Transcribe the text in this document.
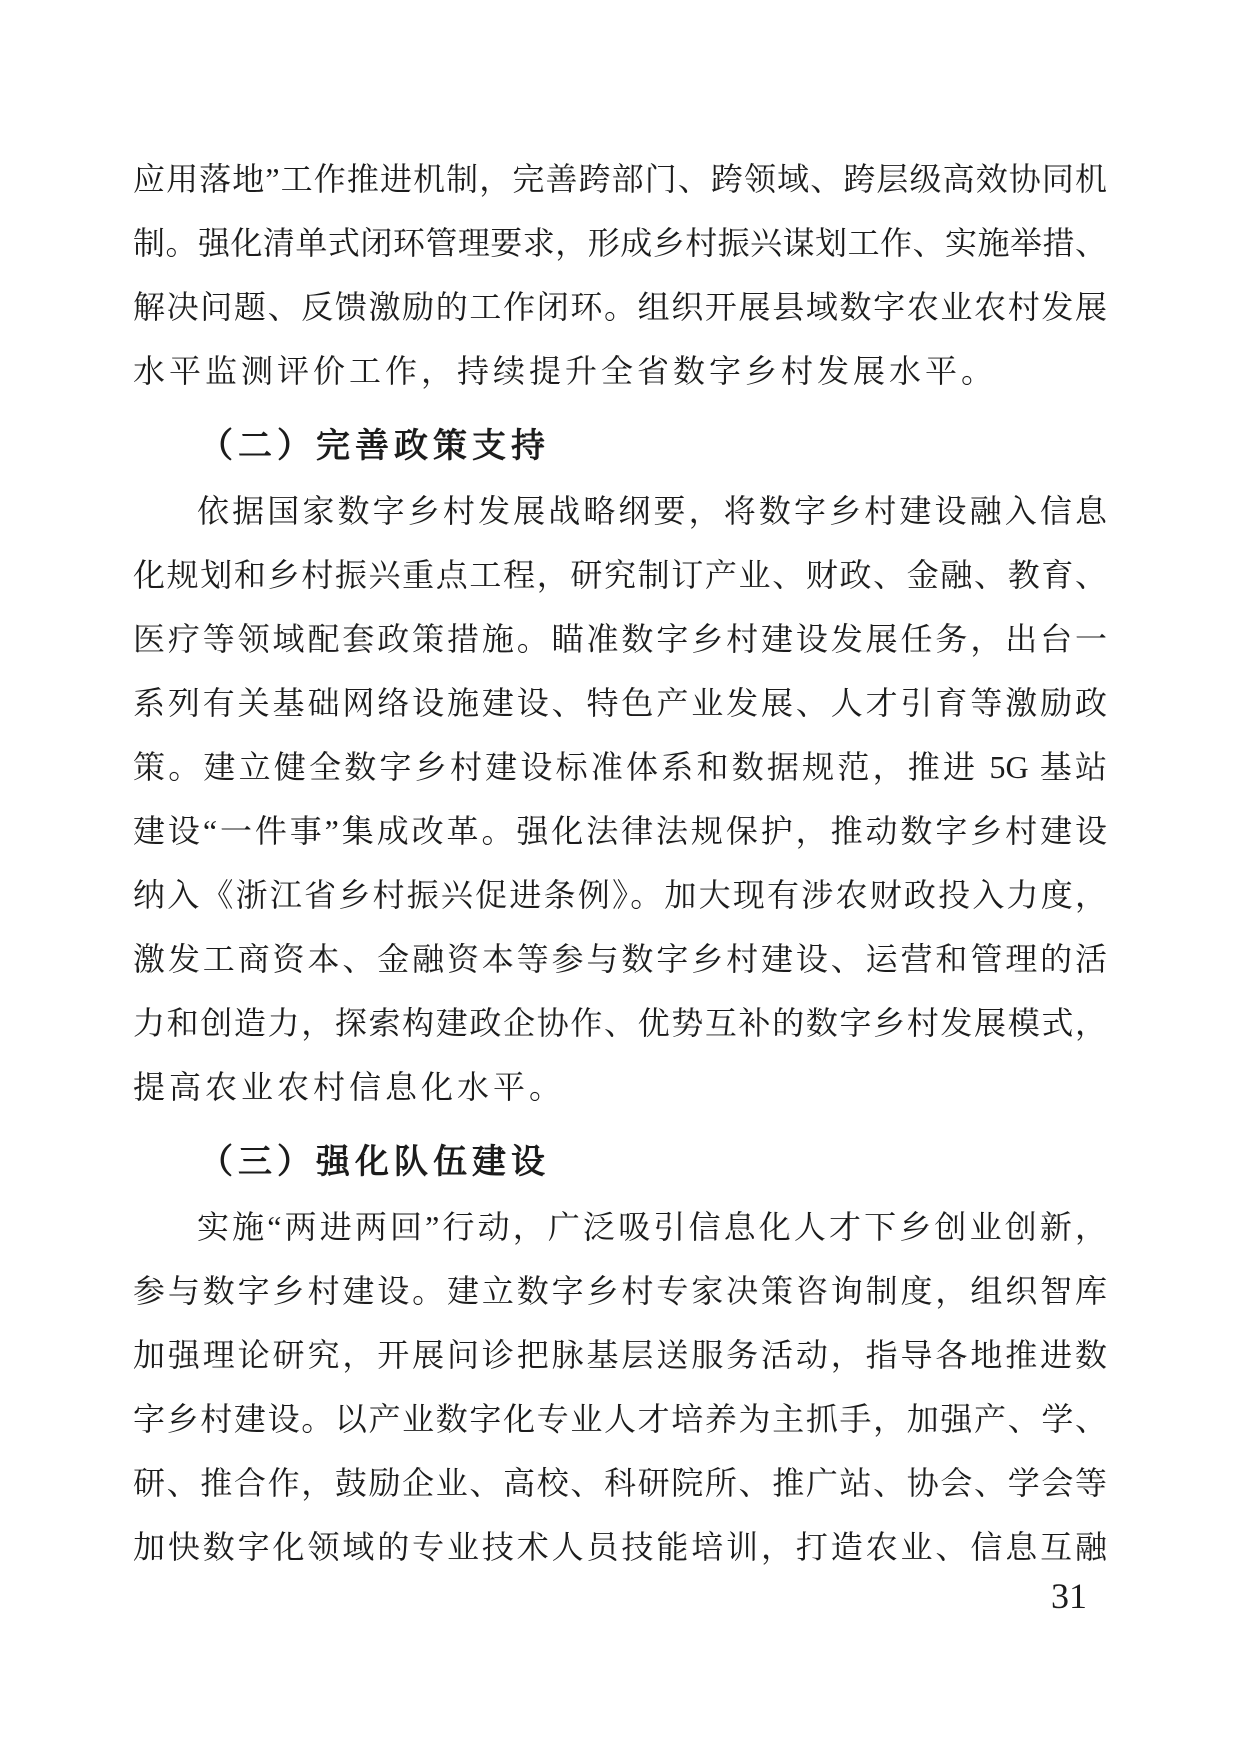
应用落地”工作推进机制，完善跨部门、跨领域、跨层级高效协同机
制。强化清单式闭环管理要求，形成乡村振兴谋划工作、实施举措、
解决问题、反馈激励的工作闭环。组织开展县域数字农业农村发展
水平监测评价工作，持续提升全省数字乡村发展水平。
（二）完善政策支持
依据国家数字乡村发展战略纲要，将数字乡村建设融入信息
化规划和乡村振兴重点工程，研究制订产业、财政、金融、教育、
医疗等领域配套政策措施。瞄准数字乡村建设发展任务，出台一
系列有关基础网络设施建设、特色产业发展、人才引育等激励政
策。建立健全数字乡村建设标准体系和数据规范，推进 5G 基站
建设“一件事”集成改革。强化法律法规保护，推动数字乡村建设
纳入《浙江省乡村振兴促进条例》。加大现有涉农财政投入力度，
激发工商资本、金融资本等参与数字乡村建设、运营和管理的活
力和创造力，探索构建政企协作、优势互补的数字乡村发展模式，
提高农业农村信息化水平。
（三）强化队伍建设
实施“两进两回”行动，广泛吸引信息化人才下乡创业创新，
参与数字乡村建设。建立数字乡村专家决策咨询制度，组织智库
加强理论研究，开展问诊把脉基层送服务活动，指导各地推进数
字乡村建设。以产业数字化专业人才培养为主抓手，加强产、学、
研、推合作，鼓励企业、高校、科研院所、推广站、协会、学会等
加快数字化领域的专业技术人员技能培训，打造农业、信息互融
31
